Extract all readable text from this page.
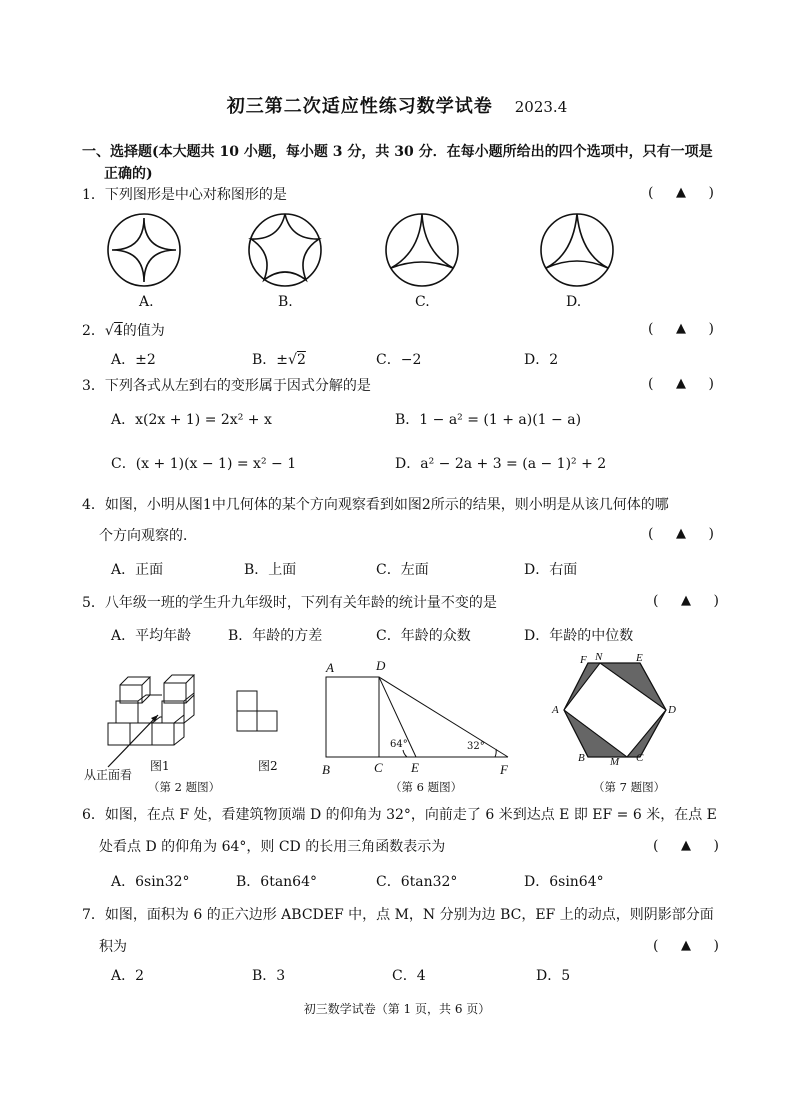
初三第二次适应性练习数学试卷 2023.4
一、选择题(本大题共 10 小题，每小题 3 分，共 30 分．在每小题所给出的四个选项中，只有一项是
正确的)
1．下列图形是中心对称图形的是	( ▲ )
A.	B.	C.	D.
2．√4的值为	( ▲ )
A．±2	B．±√2	C．−2	D．2
3．下列各式从左到右的变形属于因式分解的是	( ▲ )
A．x(2x + 1) = 2x² + x	B．1 − a² = (1 + a)(1 − a)
C．(x + 1)(x − 1) = x² − 1	D．a² − 2a + 3 = (a − 1)² + 2
4．如图，小明从图1中几何体的某个方向观察看到如图2所示的结果，则小明是从该几何体的哪
个方向观察的．	( ▲ )
A．正面	B．上面	C．左面	D．右面
5．八年级一班的学生升九年级时，下列有关年龄的统计量不变的是	( ▲ )
A．平均年龄	B．年龄的方差	C．年龄的众数	D．年龄的中位数
从正面看
图1	图2
（第 2 题图）
A	D
B	C E	F
64°	32°
（第 6 题图）
F N	E
A	D
B M C
（第 7 题图）
6．如图，在点 F 处，看建筑物顶端 D 的仰角为 32°，向前走了 6 米到达点 E 即 EF = 6 米，在点 E
处看点 D 的仰角为 64°，则 CD 的长用三角函数表示为	( ▲ )
A．6sin32°	B．6tan64°	C．6tan32°	D．6sin64°
7．如图，面积为 6 的正六边形 ABCDEF 中，点 M，N 分别为边 BC，EF 上的动点，则阴影部分面
积为	( ▲ )
A．2	B．3	C．4	D．5
初三数学试卷（第 1 页，共 6 页）
